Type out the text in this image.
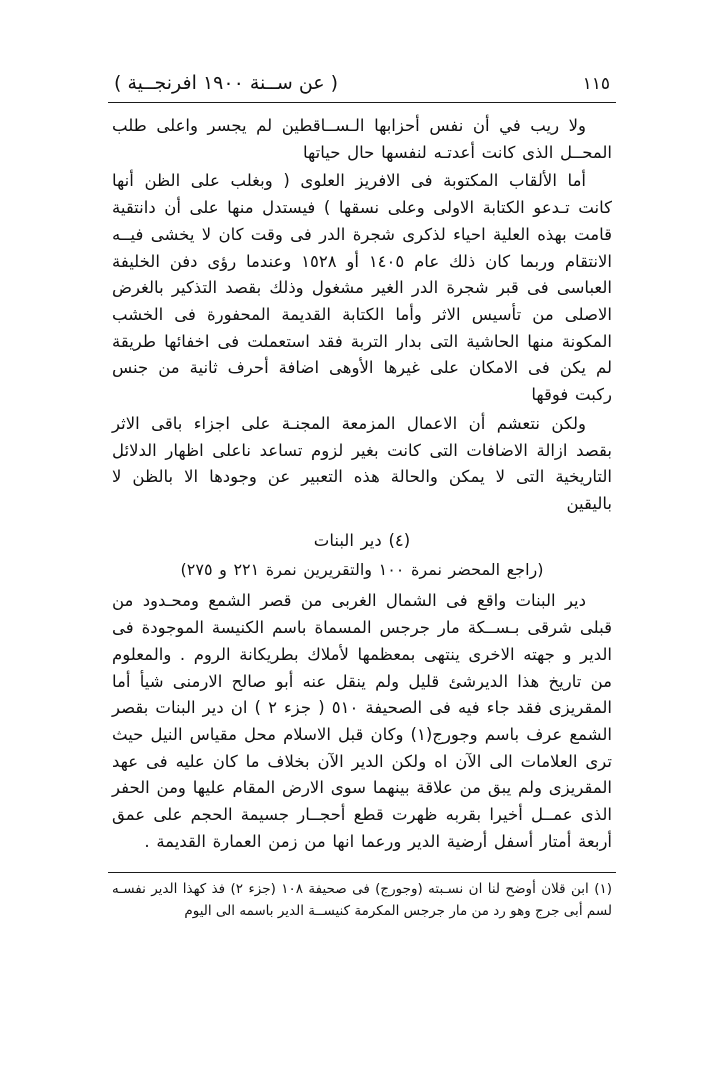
( عن ســنة ١٩٠٠ افرنجــية )	١١٥

ولا ريب في أن نفس أحزابها الـســاقطين لم يجسر واعلى طلب المحــل الذى كانت أعدتـه لنفسها حال حياتها

أما الألقاب المكتوبة فى الافريز العلوى ( وبغلب على الظن أنها كانت تـدعو الكتابة الاولى وعلى نسقها ) فيستدل منها على أن دانتقية قامت بهذه العلية احياء لذكرى شجرة الدر فى وقت كان لا يخشى فيــه الانتقام وربما كان ذلك عام ١٤٠٥ أو ١٥٢٨ وعندما رؤى دفن الخليفة العباسى فى قبر شجرة الدر الغير مشغول وذلك بقصد التذكير بالغرض الاصلى من تأسيس الاثر وأما الكتابة القديمة المحفورة فى الخشب المكونة منها الحاشية التى بدار التربة فقد استعملت فى اخفائها طريقة لم يكن فى الامكان على غيرها الأوهى اضافة أحرف ثانية من جنس ركبت فوقها

ولكن نتعشم أن الاعمال المزمعة المجنـة على اجزاء باقى الاثر بقصد ازالة الاضافات التى كانت بغير لزوم تساعد ناعلى اظهار الدلائل التاريخية التى لا يمكن والحالة هذه التعبير عن وجودها الا بالظن لا باليقين

(٤) دير البنات

(راجع المحضر نمرة ١٠٠ والتقريرين نمرة ٢٢١ و ٢٧٥)

دير البنات واقع فى الشمال الغربى من قصر الشمع ومحـدود من قبلى شرقى بـســكة مار جرجس المسماة باسم الكنيسة الموجودة فى الدير و جهته الاخرى ينتهى بمعظمها لأملاك بطريكانة الروم . والمعلوم من تاريخ هذا الديرشئ قليل ولم ينقل عنه أبو صالح الارمنى شيأ أما المقريزى فقد جاء فيه فى الصحيفة ٥١٠ ( جزء ٢ ) ان دير البنات بقصر الشمع عرف باسم وجورج(١) وكان قبل الاسلام محل مقياس النيل حيث ترى العلامات الى الآن اه ولكن الدير الآن بخلاف ما كان عليه فى عهد المقريزى ولم يبق من علاقة بينهما سوى الارض المقام عليها ومن الحفر الذى عمــل أخيرا بقربه ظهرت قطع أحجــار جسيمة الحجم على عمق أربعة أمتار أسفل أرضية الدير ورعما انها من زمن العمارة القديمة .

(١) ابن قلان أوضح لنا ان نسـبته (وجورج) فى صحيفة ١٠٨ (جزء ٢) فذ كهذا الدير نفسـه لسم أبى جرج وهو رد من مار جرجس المكرمة كنيســة الدير باسمه الى اليوم
